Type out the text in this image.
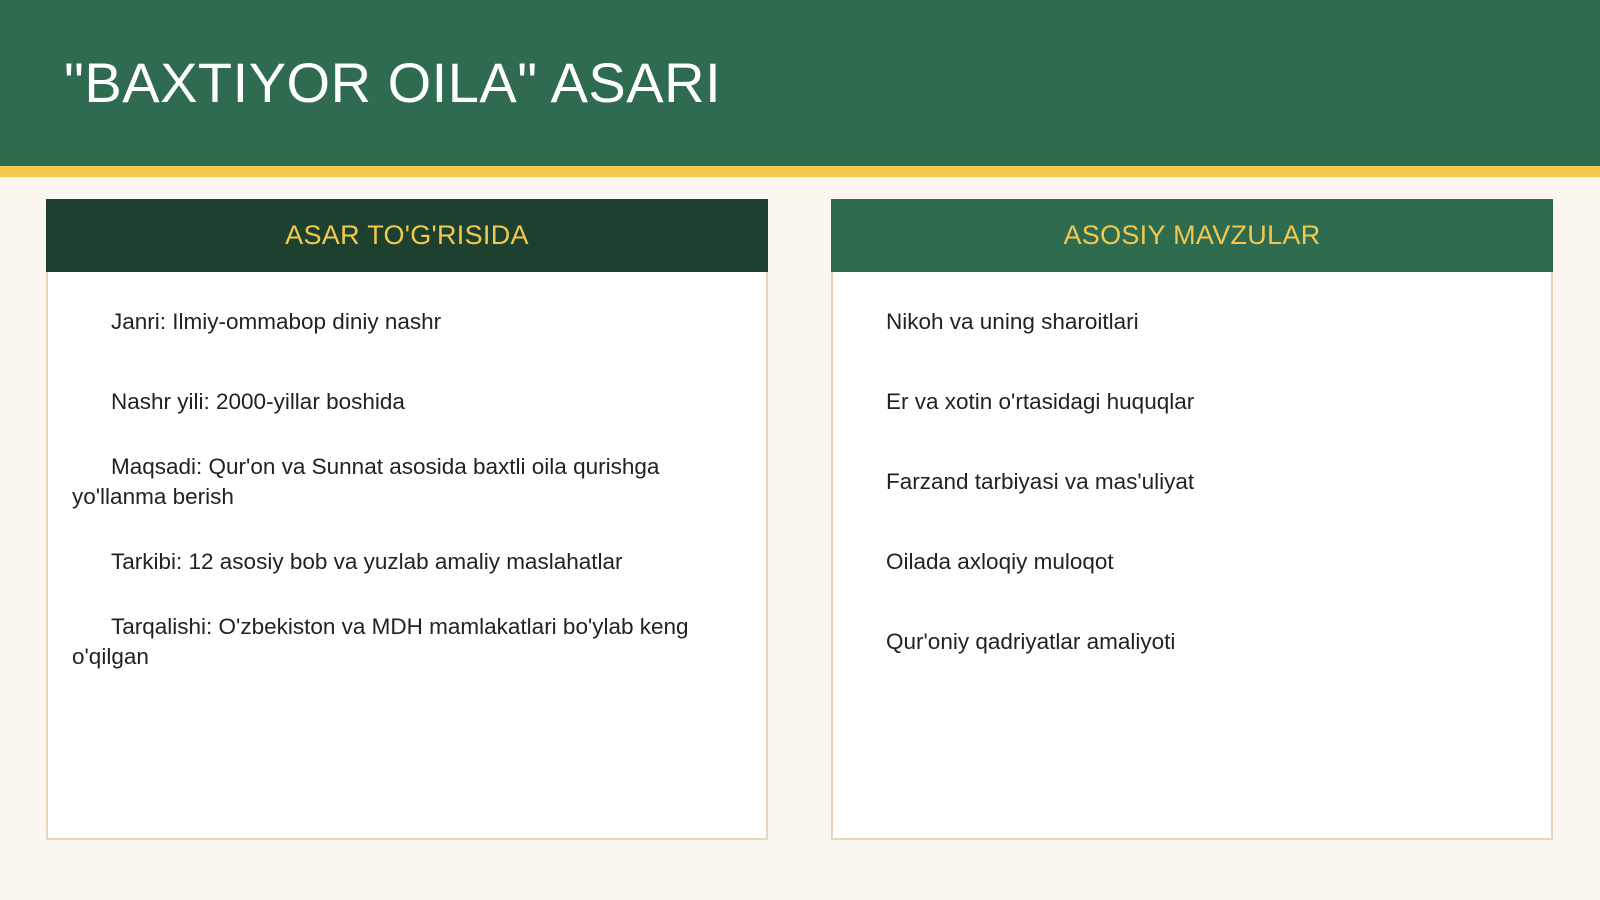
"BAXTIYOR OILA" ASARI
ASAR TO'G'RISIDA
Janri: Ilmiy-ommabop diniy nashr
Nashr yili: 2000-yillar boshida
Maqsadi: Qur'on va Sunnat asosida baxtli oila qurishga yo'llanma berish
Tarkibi: 12 asosiy bob va yuzlab amaliy maslahatlar
Tarqalishi: O'zbekiston va MDH mamlakatlari bo'ylab keng o'qilgan
ASOSIY MAVZULAR
Nikoh va uning sharoitlari
Er va xotin o'rtasidagi huquqlar
Farzand tarbiyasi va mas'uliyat
Oilada axloqiy muloqot
Qur'oniy qadriyatlar amaliyoti
